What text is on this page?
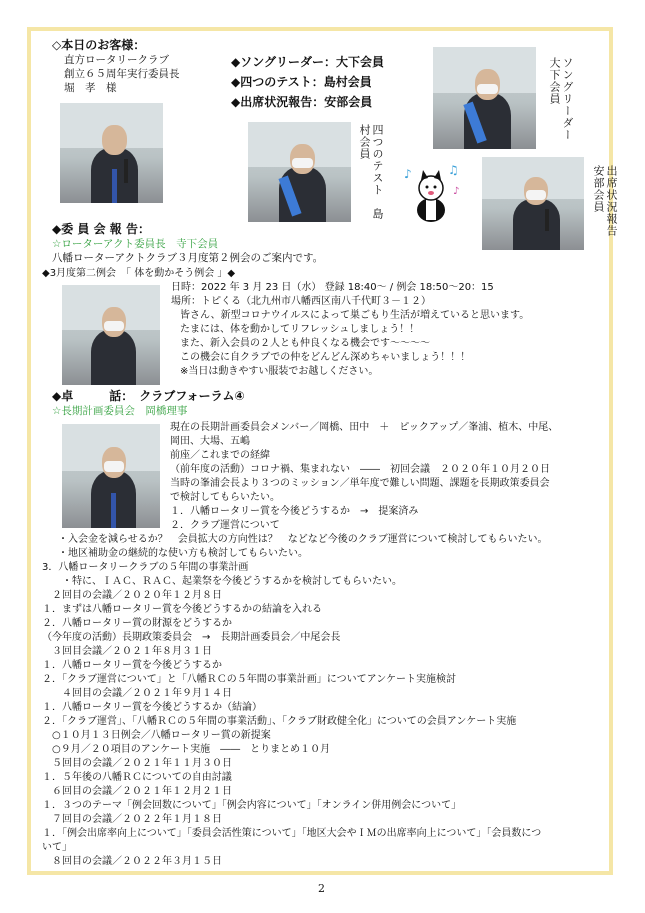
◇本日のお客様：
直方ロータリークラブ
創立６５周年実行委員長
堀　孝　様
◆ソングリーダー：大下会員
◆四つのテスト：島村会員
◆出席状況報告：安部会員	ソングリーダー　大下会員
四つのテスト　島村会員
出席状況報告　安部会員
♪	♫
♪
◆委 員 会 報 告：
☆ローターアクト委員長　寺下会員
八幡ローターアクトクラブ３月度第２例会のご案内です。
◆3月度第二例会　「 体を動かそう例会 」◆
日時：2022 年 3 月 23 日（水） 登録 18:40～ / 例会 18:50～20：15
場所：トピくる（北九州市八幡西区南八千代町３－１２）
皆さん、新型コロナウイルスによって巣ごもり生活が増えていると思います。
たまには、体を動かしてリフレッシュしましょう！！
また、新入会員の２人とも仲良くなる機会です～～～～
この機会に自クラブでの仲をどんどん深めちゃいましょう！！！
※当日は動きやすい服装でお越しください。
◆卓　　　話：　クラブフォーラム④
☆長期計画委員会　岡橋理事
現在の長期計画委員会メンバー／岡橋、田中　＋　ピックアップ／峯浦、植木、中尾、
岡田、大場、五嶋
前座／これまでの経緯
（前年度の活動）コロナ禍、集まれない　――　初回会議　２０２０年１０月２０日
当時の峯浦会長より３つのミッション／単年度で難しい問題、課題を長期政策委員会
で検討してもらいたい。
１．八幡ロータリー賞を今後どうするか　→　提案済み
２．クラブ運営について
・入会金を減らせるか？　会員拡大の方向性は？　などなど今後のクラブ運営について検討してもらいたい。
・地区補助金の継続的な使い方も検討してもらいたい。
3．八幡ロータリークラブの５年間の事業計画
・特に、ＩＡＣ、ＲＡＣ、起業祭を今後どうするかを検討してもらいたい。
２回目の会議／２０２０年１２月８日
１．まずは八幡ロータリー賞を今後どうするかの結論を入れる
２．八幡ロータリー賞の財源をどうするか
（今年度の活動）長期政策委員会　→　長期計画委員会／中尾会長
３回目会議／２０２１年８月３１日
１．八幡ロータリー賞を今後どうするか
２．「クラブ運営について」と「八幡ＲＣの５年間の事業計画」についてアンケート実施検討
４回目の会議／２０２１年９月１４日
１．八幡ロータリー賞を今後どうするか（結論）
２．「クラブ運営」、「八幡ＲＣの５年間の事業活動」、「クラブ財政健全化」についての会員アンケート実施
○１０月１３日例会／八幡ロータリー賞の新提案
○９月／２０項目のアンケート実施　――　とりまとめ１０月
５回目の会議／２０２１年１１月３０日
１．５年後の八幡ＲＣについての自由討議
６回目の会議／２０２１年１２月２１日
１．３つのテーマ「例会回数について」「例会内容について」「オンライン併用例会について」
７回目の会議／２０２２年１月１８日
１．「例会出席率向上について」「委員会活性策について」「地区大会やＩＭの出席率向上について」「会員数につ
いて」
８回目の会議／２０２２年３月１５日
2
